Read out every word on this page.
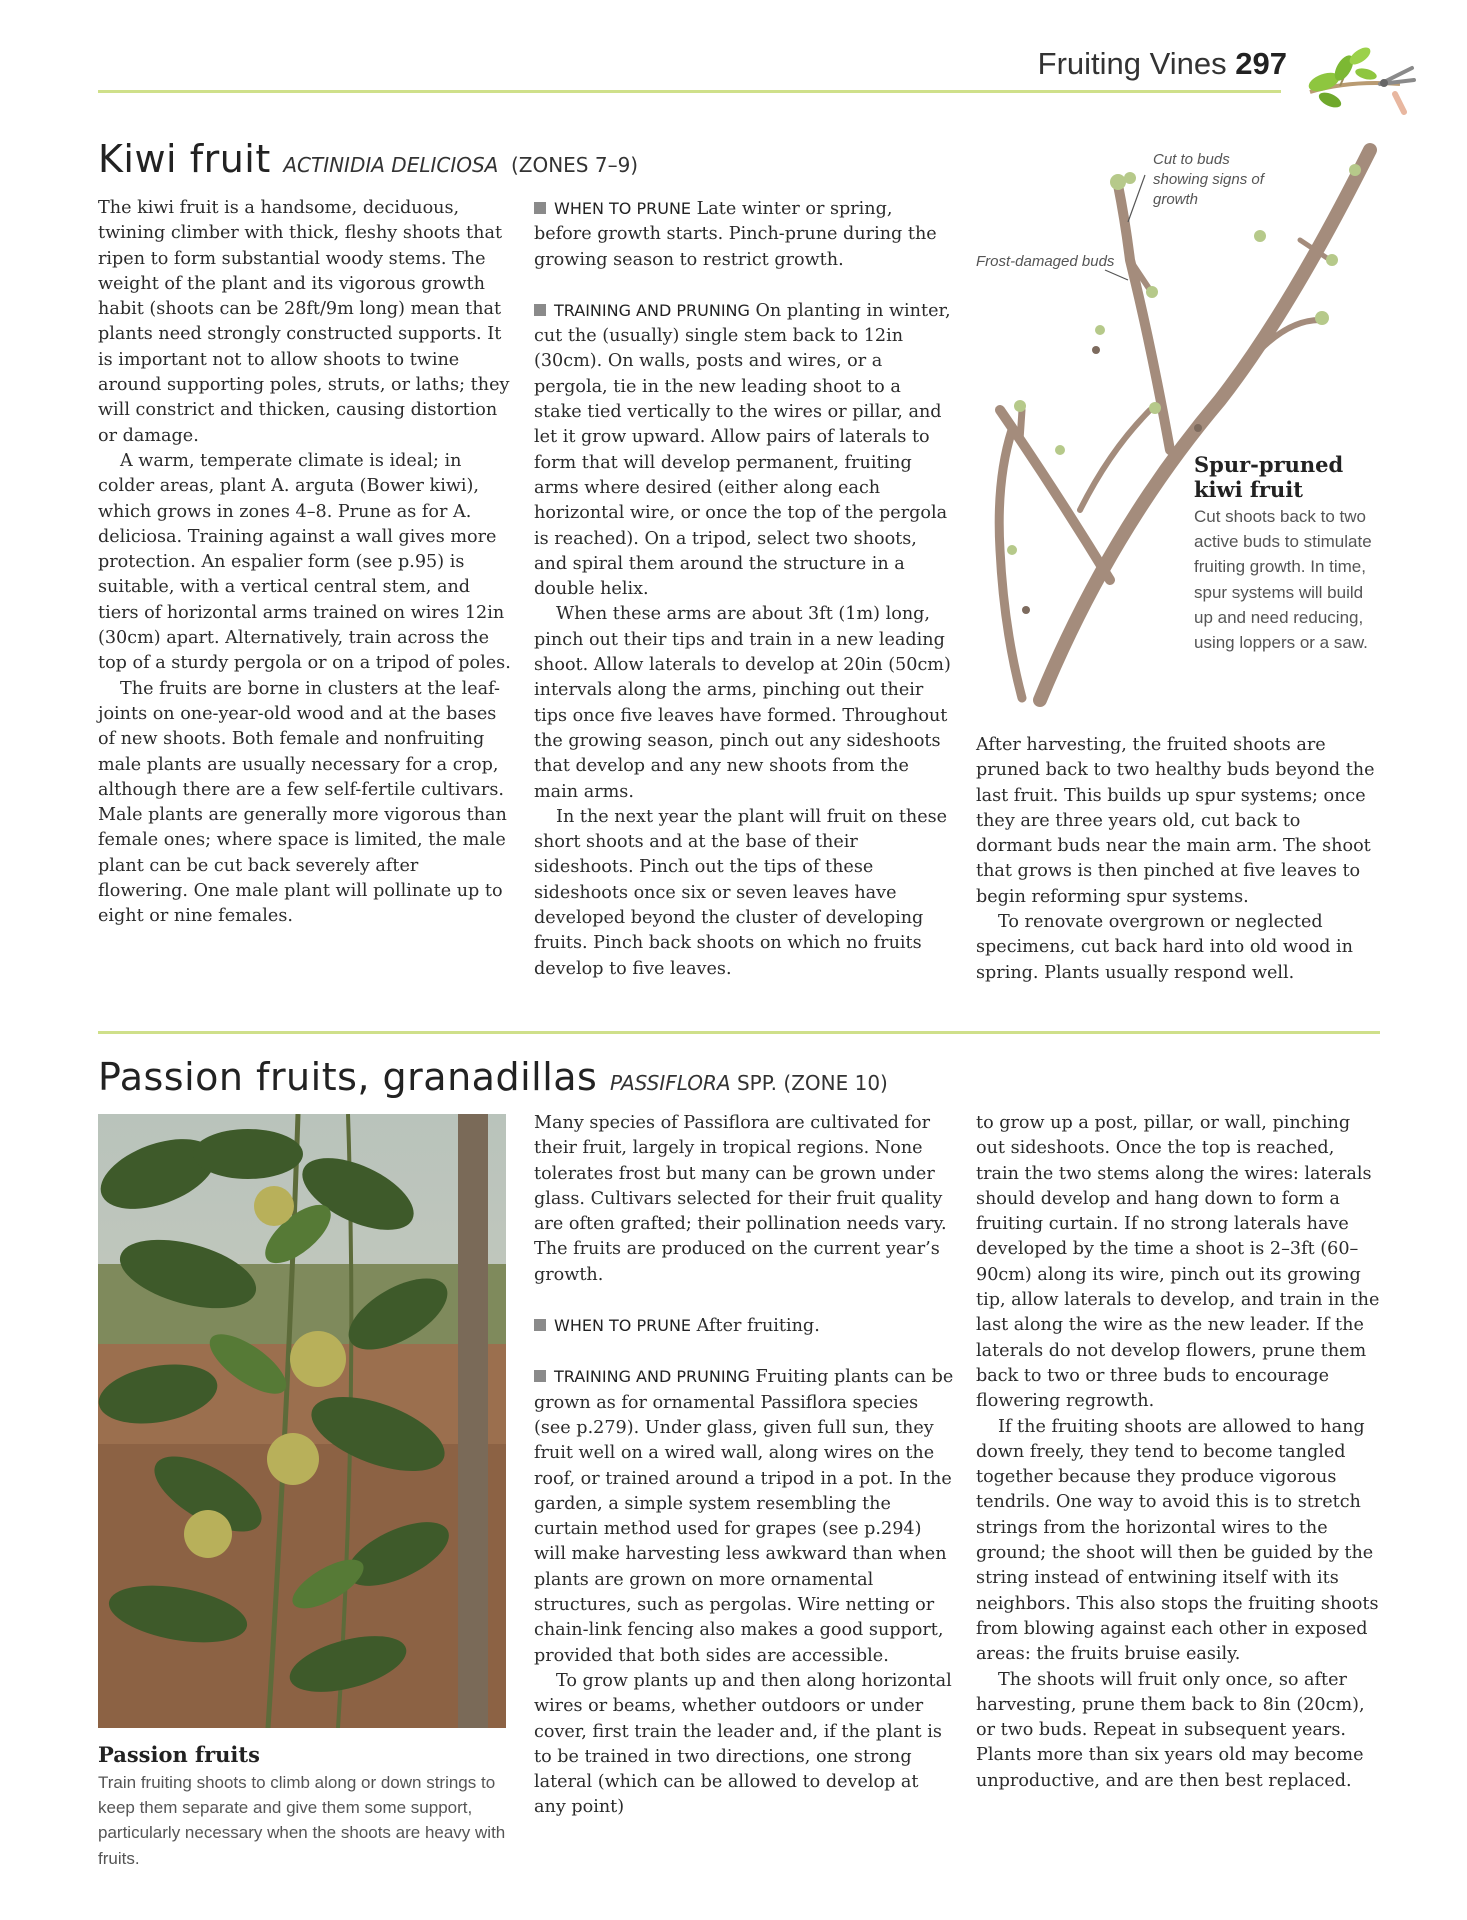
Fruiting Vines 297
Kiwi fruit ACTINIDIA DELICIOSA (ZONES 7–9)

The kiwi fruit is a handsome, deciduous, twining climber with thick, fleshy shoots that ripen to form substantial woody stems. The weight of the plant and its vigorous growth habit (shoots can be 28ft/9m long) mean that plants need strongly constructed supports. It is important not to allow shoots to twine around supporting poles, struts, or laths; they will constrict and thicken, causing distortion or damage.

A warm, temperate climate is ideal; in colder areas, plant A. arguta (Bower kiwi), which grows in zones 4–8. Prune as for A. deliciosa. Training against a wall gives more protection. An espalier form (see p.95) is suitable, with a vertical central stem, and tiers of horizontal arms trained on wires 12in (30cm) apart. Alternatively, train across the top of a sturdy pergola or on a tripod of poles.

The fruits are borne in clusters at the leaf-joints on one-year-old wood and at the bases of new shoots. Both female and nonfruiting male plants are usually necessary for a crop, although there are a few self-fertile cultivars. Male plants are generally more vigorous than female ones; where space is limited, the male plant can be cut back severely after flowering. One male plant will pollinate up to eight or nine females.

WHEN TO PRUNE Late winter or spring, before growth starts. Pinch-prune during the growing season to restrict growth.

TRAINING AND PRUNING On planting in winter, cut the (usually) single stem back to 12in (30cm). On walls, posts and wires, or a pergola, tie in the new leading shoot to a stake tied vertically to the wires or pillar, and let it grow upward. Allow pairs of laterals to form that will develop permanent, fruiting arms where desired (either along each horizontal wire, or once the top of the pergola is reached). On a tripod, select two shoots, and spiral them around the structure in a double helix.

When these arms are about 3ft (1m) long, pinch out their tips and train in a new leading shoot. Allow laterals to develop at 20in (50cm) intervals along the arms, pinching out their tips once five leaves have formed. Throughout the growing season, pinch out any sideshoots that develop and any new shoots from the main arms.

In the next year the plant will fruit on these short shoots and at the base of their sideshoots. Pinch out the tips of these sideshoots once six or seven leaves have developed beyond the cluster of developing fruits. Pinch back shoots on which no fruits develop to five leaves.

Cut to buds showing signs of growth
Frost-damaged buds
Spur-pruned kiwi fruit
Cut shoots back to two active buds to stimulate fruiting growth. In time, spur systems will build up and need reducing, using loppers or a saw.

After harvesting, the fruited shoots are pruned back to two healthy buds beyond the last fruit. This builds up spur systems; once they are three years old, cut back to dormant buds near the main arm. The shoot that grows is then pinched at five leaves to begin reforming spur systems.

To renovate overgrown or neglected specimens, cut back hard into old wood in spring. Plants usually respond well.

Passion fruits, granadillas PASSIFLORA SPP. (ZONE 10)
Passion fruits
Train fruiting shoots to climb along or down strings to keep them separate and give them some support, particularly necessary when the shoots are heavy with fruits.

Many species of Passiflora are cultivated for their fruit, largely in tropical regions. None tolerates frost but many can be grown under glass. Cultivars selected for their fruit quality are often grafted; their pollination needs vary. The fruits are produced on the current year’s growth.

WHEN TO PRUNE After fruiting.

TRAINING AND PRUNING Fruiting plants can be grown as for ornamental Passiflora species (see p.279). Under glass, given full sun, they fruit well on a wired wall, along wires on the roof, or trained around a tripod in a pot. In the garden, a simple system resembling the curtain method used for grapes (see p.294) will make harvesting less awkward than when plants are grown on more ornamental structures, such as pergolas. Wire netting or chain-link fencing also makes a good support, provided that both sides are accessible.

To grow plants up and then along horizontal wires or beams, whether outdoors or under cover, first train the leader and, if the plant is to be trained in two directions, one strong lateral (which can be allowed to develop at any point)

to grow up a post, pillar, or wall, pinching out sideshoots. Once the top is reached, train the two stems along the wires: laterals should develop and hang down to form a fruiting curtain. If no strong laterals have developed by the time a shoot is 2–3ft (60–90cm) along its wire, pinch out its growing tip, allow laterals to develop, and train in the last along the wire as the new leader. If the laterals do not develop flowers, prune them back to two or three buds to encourage flowering regrowth.

If the fruiting shoots are allowed to hang down freely, they tend to become tangled together because they produce vigorous tendrils. One way to avoid this is to stretch strings from the horizontal wires to the ground; the shoot will then be guided by the string instead of entwining itself with its neighbors. This also stops the fruiting shoots from blowing against each other in exposed areas: the fruits bruise easily.

The shoots will fruit only once, so after harvesting, prune them back to 8in (20cm), or two buds. Repeat in subsequent years. Plants more than six years old may become unproductive, and are then best replaced.
